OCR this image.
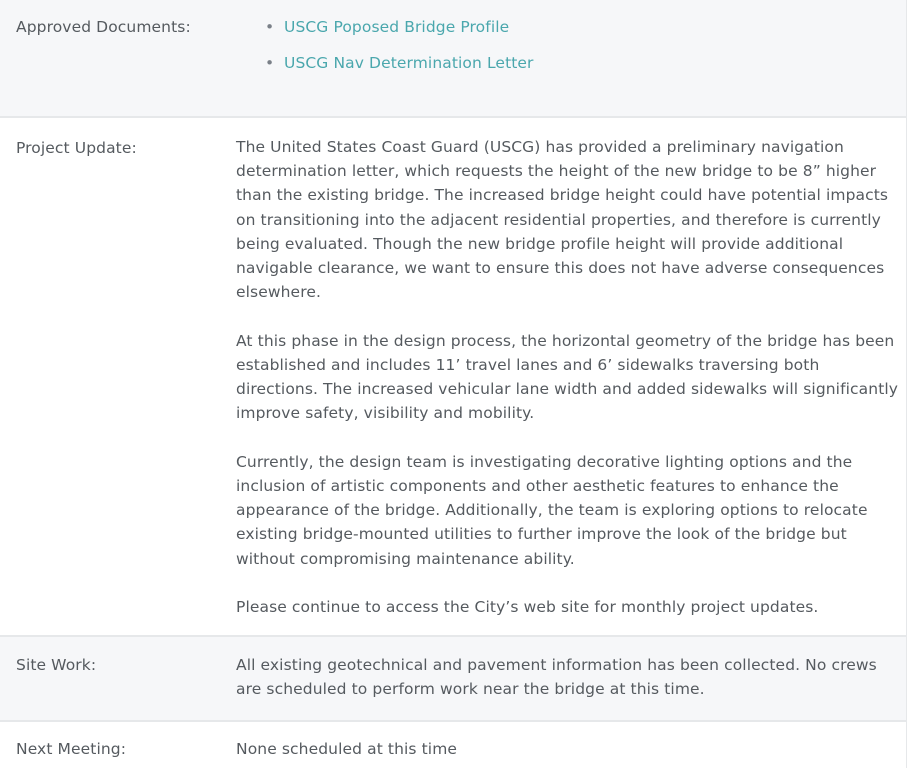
Approved Documents:	• USCG Poposed Bridge Profile
• USCG Nav Determination Letter
Project Update:	The United States Coast Guard (USCG) has provided a preliminary navigation determination letter, which requests the height of the new bridge to be 8” higher than the existing bridge. The increased bridge height could have potential impacts on transitioning into the adjacent residential properties, and therefore is currently being evaluated. Though the new bridge profile height will provide additional navigable clearance, we want to ensure this does not have adverse consequences elsewhere.

At this phase in the design process, the horizontal geometry of the bridge has been established and includes 11’ travel lanes and 6’ sidewalks traversing both directions. The increased vehicular lane width and added sidewalks will significantly improve safety, visibility and mobility.

Currently, the design team is investigating decorative lighting options and the inclusion of artistic components and other aesthetic features to enhance the appearance of the bridge. Additionally, the team is exploring options to relocate existing bridge-mounted utilities to further improve the look of the bridge but without compromising maintenance ability.

Please continue to access the City’s web site for monthly project updates.

Site Work:	All existing geotechnical and pavement information has been collected. No crews are scheduled to perform work near the bridge at this time.
Next Meeting:	None scheduled at this time
